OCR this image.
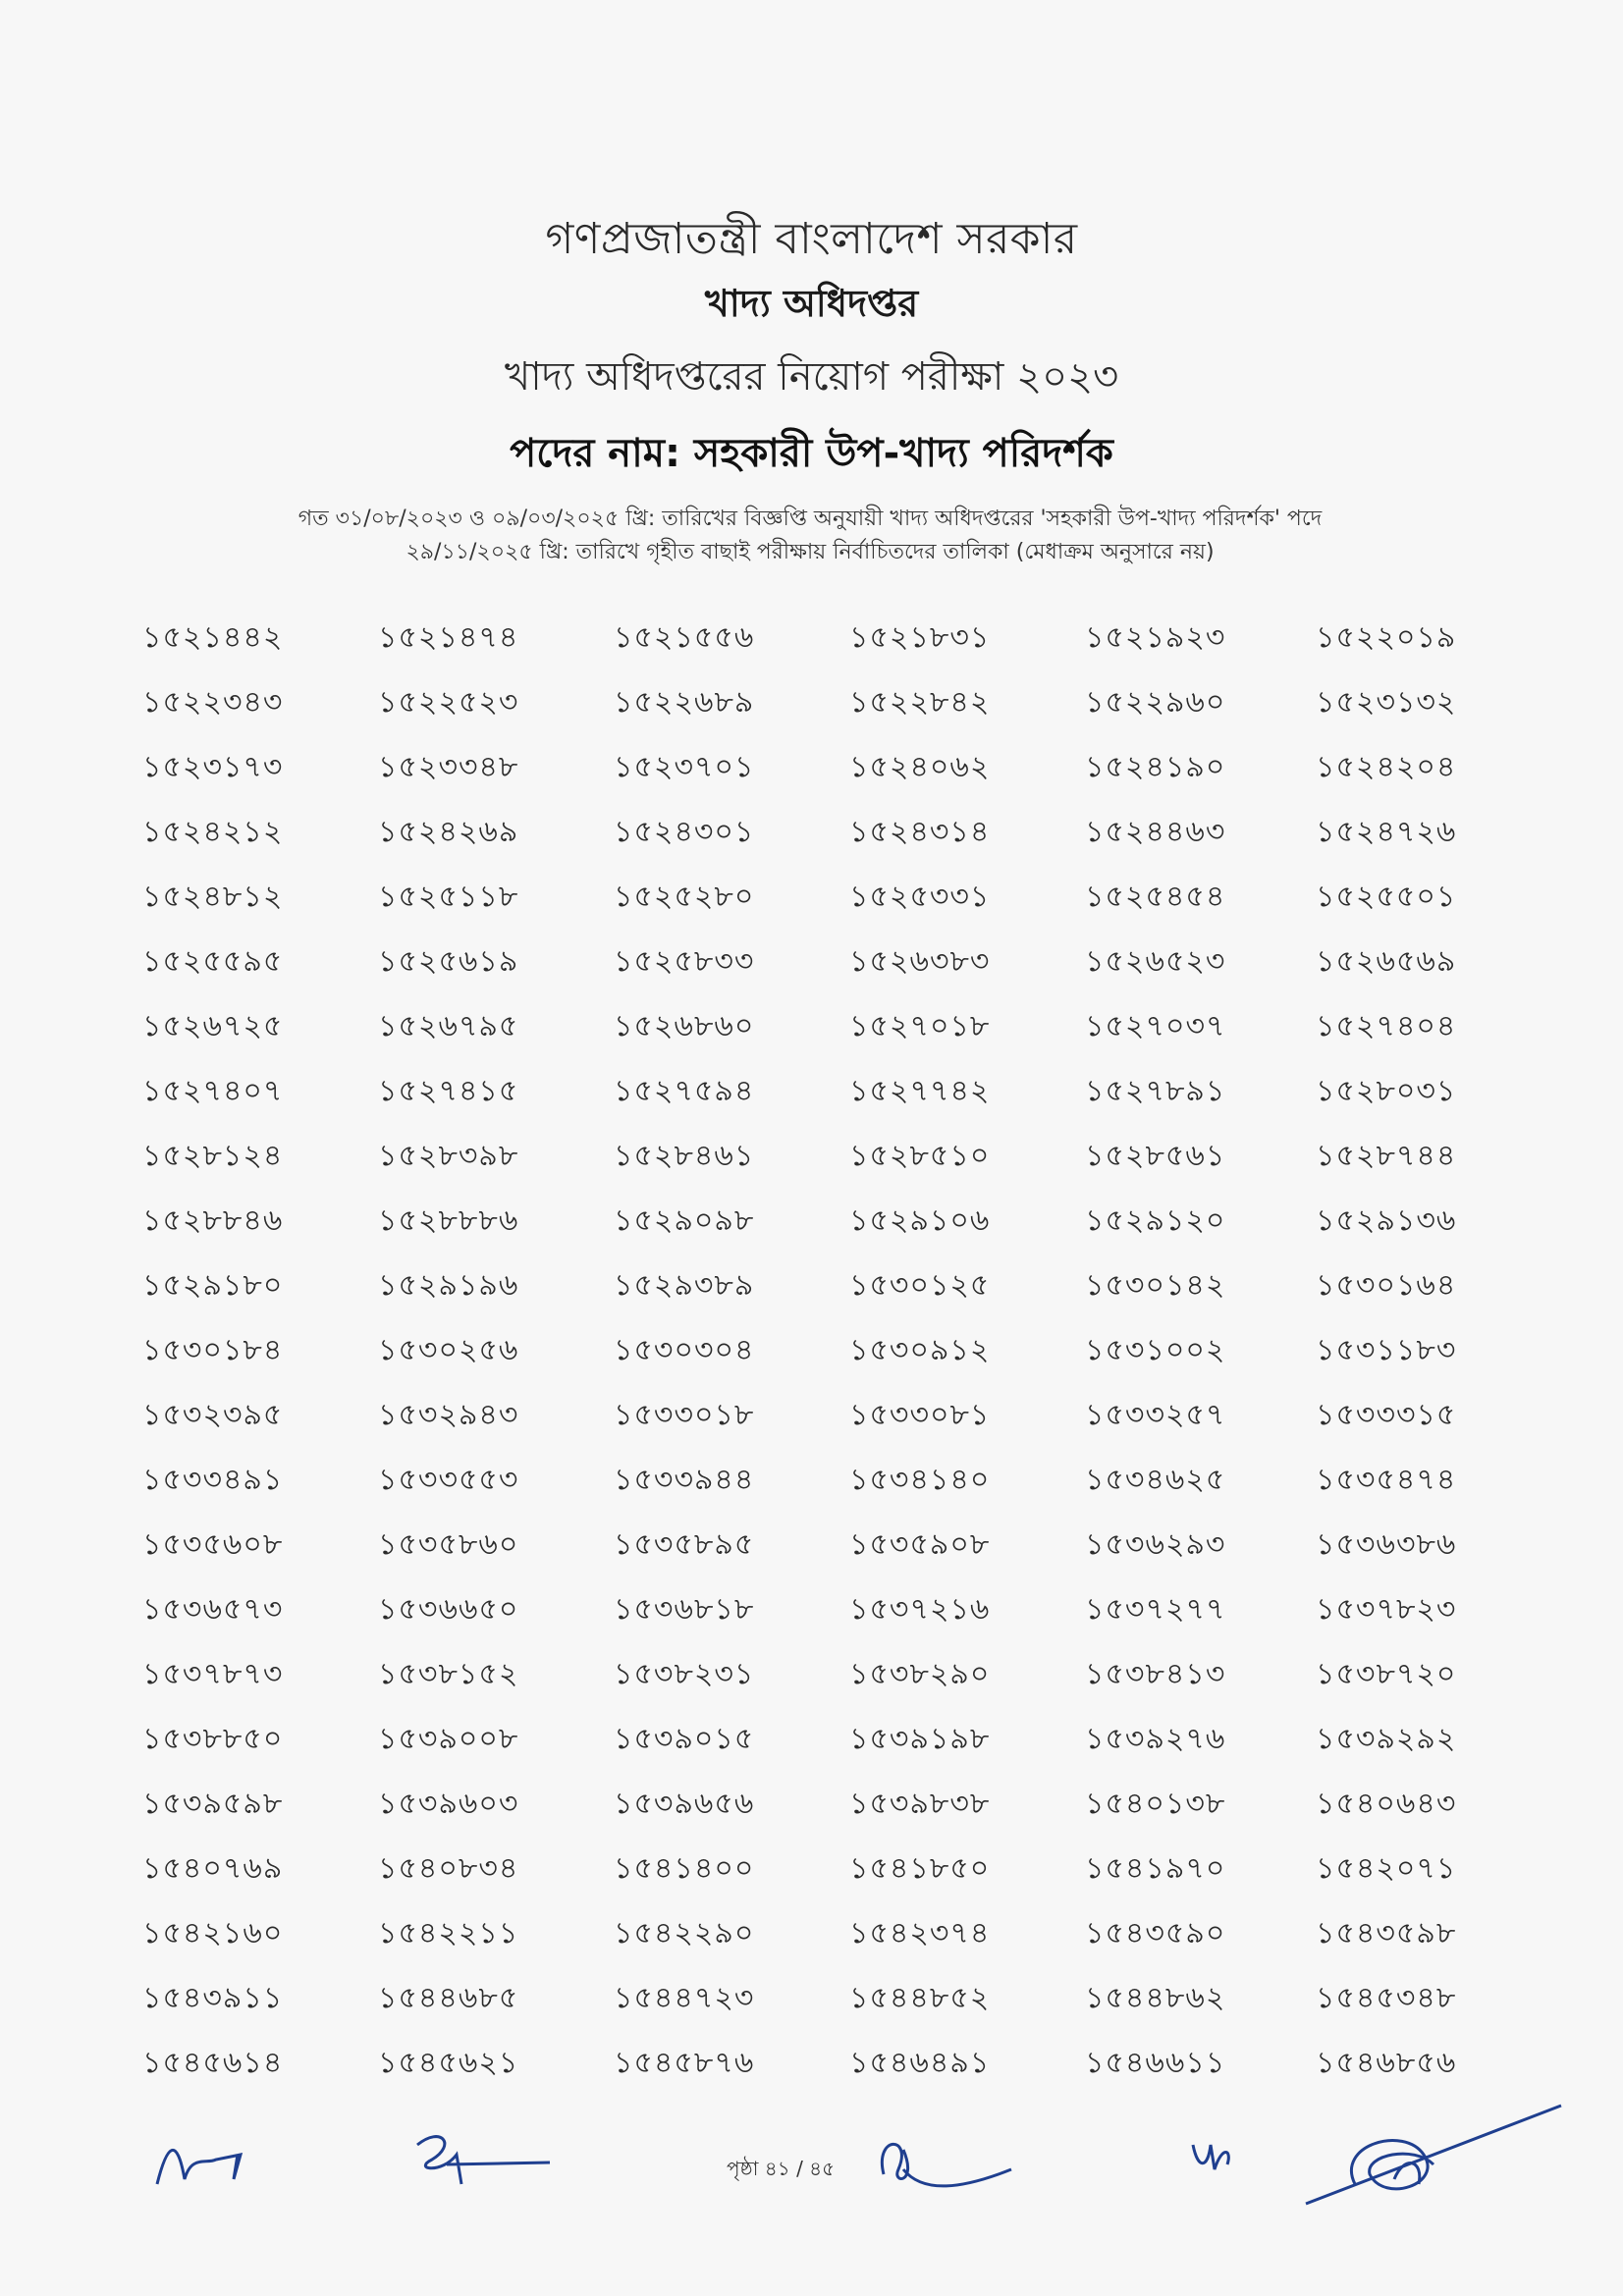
গণপ্রজাতন্ত্রী বাংলাদেশ সরকার
খাদ্য অধিদপ্তর
খাদ্য অধিদপ্তরের নিয়োগ পরীক্ষা ২০২৩
পদের নাম: সহকারী উপ-খাদ্য পরিদর্শক
গত ৩১/০৮/২০২৩ ও ০৯/০৩/২০২৫ খ্রি: তারিখের বিজ্ঞপ্তি অনুযায়ী খাদ্য অধিদপ্তরের 'সহকারী উপ-খাদ্য পরিদর্শক' পদে
২৯/১১/২০২৫ খ্রি: তারিখে গৃহীত বাছাই পরীক্ষায় নির্বাচিতদের তালিকা (মেধাক্রম অনুসারে নয়)
১৫২১৪৪২	১৫২১৪৭৪	১৫২১৫৫৬	১৫২১৮৩১	১৫২১৯২৩	১৫২২০১৯
১৫২২৩৪৩	১৫২২৫২৩	১৫২২৬৮৯	১৫২২৮৪২	১৫২২৯৬০	১৫২৩১৩২
১৫২৩১৭৩	১৫২৩৩৪৮	১৫২৩৭০১	১৫২৪০৬২	১৫২৪১৯০	১৫২৪২০৪
১৫২৪২১২	১৫২৪২৬৯	১৫২৪৩০১	১৫২৪৩১৪	১৫২৪৪৬৩	১৫২৪৭২৬
১৫২৪৮১২	১৫২৫১১৮	১৫২৫২৮০	১৫২৫৩৩১	১৫২৫৪৫৪	১৫২৫৫০১
১৫২৫৫৯৫	১৫২৫৬১৯	১৫২৫৮৩৩	১৫২৬৩৮৩	১৫২৬৫২৩	১৫২৬৫৬৯
১৫২৬৭২৫	১৫২৬৭৯৫	১৫২৬৮৬০	১৫২৭০১৮	১৫২৭০৩৭	১৫২৭৪০৪
১৫২৭৪০৭	১৫২৭৪১৫	১৫২৭৫৯৪	১৫২৭৭৪২	১৫২৭৮৯১	১৫২৮০৩১
১৫২৮১২৪	১৫২৮৩৯৮	১৫২৮৪৬১	১৫২৮৫১০	১৫২৮৫৬১	১৫২৮৭৪৪
১৫২৮৮৪৬	১৫২৮৮৮৬	১৫২৯০৯৮	১৫২৯১০৬	১৫২৯১২০	১৫২৯১৩৬
১৫২৯১৮০	১৫২৯১৯৬	১৫২৯৩৮৯	১৫৩০১২৫	১৫৩০১৪২	১৫৩০১৬৪
১৫৩০১৮৪	১৫৩০২৫৬	১৫৩০৩০৪	১৫৩০৯১২	১৫৩১০০২	১৫৩১১৮৩
১৫৩২৩৯৫	১৫৩২৯৪৩	১৫৩৩০১৮	১৫৩৩০৮১	১৫৩৩২৫৭	১৫৩৩৩১৫
১৫৩৩৪৯১	১৫৩৩৫৫৩	১৫৩৩৯৪৪	১৫৩৪১৪০	১৫৩৪৬২৫	১৫৩৫৪৭৪
১৫৩৫৬০৮	১৫৩৫৮৬০	১৫৩৫৮৯৫	১৫৩৫৯০৮	১৫৩৬২৯৩	১৫৩৬৩৮৬
১৫৩৬৫৭৩	১৫৩৬৬৫০	১৫৩৬৮১৮	১৫৩৭২১৬	১৫৩৭২৭৭	১৫৩৭৮২৩
১৫৩৭৮৭৩	১৫৩৮১৫২	১৫৩৮২৩১	১৫৩৮২৯০	১৫৩৮৪১৩	১৫৩৮৭২০
১৫৩৮৮৫০	১৫৩৯০০৮	১৫৩৯০১৫	১৫৩৯১৯৮	১৫৩৯২৭৬	১৫৩৯২৯২
১৫৩৯৫৯৮	১৫৩৯৬০৩	১৫৩৯৬৫৬	১৫৩৯৮৩৮	১৫৪০১৩৮	১৫৪০৬৪৩
১৫৪০৭৬৯	১৫৪০৮৩৪	১৫৪১৪০০	১৫৪১৮৫০	১৫৪১৯৭০	১৫৪২০৭১
১৫৪২১৬০	১৫৪২২১১	১৫৪২২৯০	১৫৪২৩৭৪	১৫৪৩৫৯০	১৫৪৩৫৯৮
১৫৪৩৯১১	১৫৪৪৬৮৫	১৫৪৪৭২৩	১৫৪৪৮৫২	১৫৪৪৮৬২	১৫৪৫৩৪৮
১৫৪৫৬১৪	১৫৪৫৬২১	১৫৪৫৮৭৬	১৫৪৬৪৯১	১৫৪৬৬১১	১৫৪৬৮৫৬
পৃষ্ঠা ৪১ / ৪৫
